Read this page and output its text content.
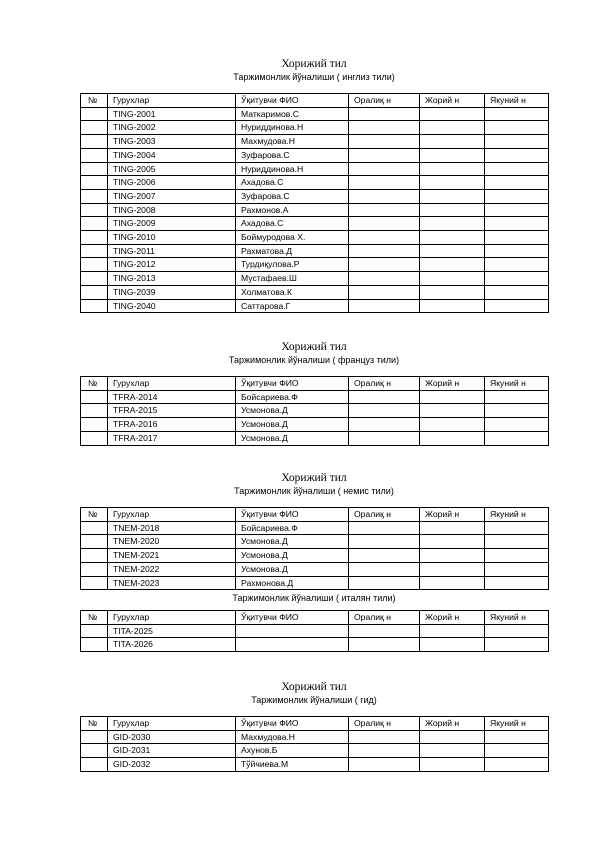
Хорижий тил
Таржимонлик йўналиши ( инглиз тили)
№	Гурухлар	Ўқитувчи ФИО	Оралиқ н	Жорий н	Якуний н
	TING-2001	Маткаримов.С			
	TING-2002	Нуриддинова.Н			
	TING-2003	Махмудова.Н			
	TING-2004	Зуфарова.С			
	TING-2005	Нуриддинова.Н			
	TING-2006	Ахадова.С			
	TING-2007	Зуфарова.С			
	TING-2008	Рахмонов.А			
	TING-2009	Ахадова.С			
	TING-2010	Боймуродова Х.			
	TING-2011	Рахматова.Д			
	TING-2012	Турдиқулова.Р			
	TING-2013	Мустафаев.Ш			
	TING-2039	Холматова.К			
	TING-2040	Саттарова.Г			
Хорижий тил
Таржимонлик йўналиши ( француз тили)
№	Гурухлар	Ўқитувчи ФИО	Оралиқ н	Жорий н	Якуний н
	TFRA-2014	Бойсариева.Ф			
	TFRA-2015	Усмонова.Д			
	TFRA-2016	Усмонова.Д			
	TFRA-2017	Усмонова.Д			
Хорижий тил
Таржимонлик йўналиши ( немис тили)
№	Гурухлар	Ўқитувчи ФИО	Оралиқ н	Жорий н	Якуний н
	TNEM-2018	Бойсариева.Ф			
	TNEM-2020	Усмонова.Д			
	TNEM-2021	Усмонова.Д			
	TNEM-2022	Усмонова.Д			
	TNEM-2023	Рахмонова.Д			
Таржимонлик йўналиши ( италян тили)
№	Гурухлар	Ўқитувчи ФИО	Оралиқ н	Жорий н	Якуний н
	TITA-2025				
	TITA-2026				
Хорижий тил
Таржимонлик йўналиши ( гид)
№	Гурухлар	Ўқитувчи ФИО	Оралиқ н	Жорий н	Якуний н
	GID-2030	Махмудова.Н			
	GID-2031	Ахунов.Б			
	GID-2032	Тўйчиева.М			
